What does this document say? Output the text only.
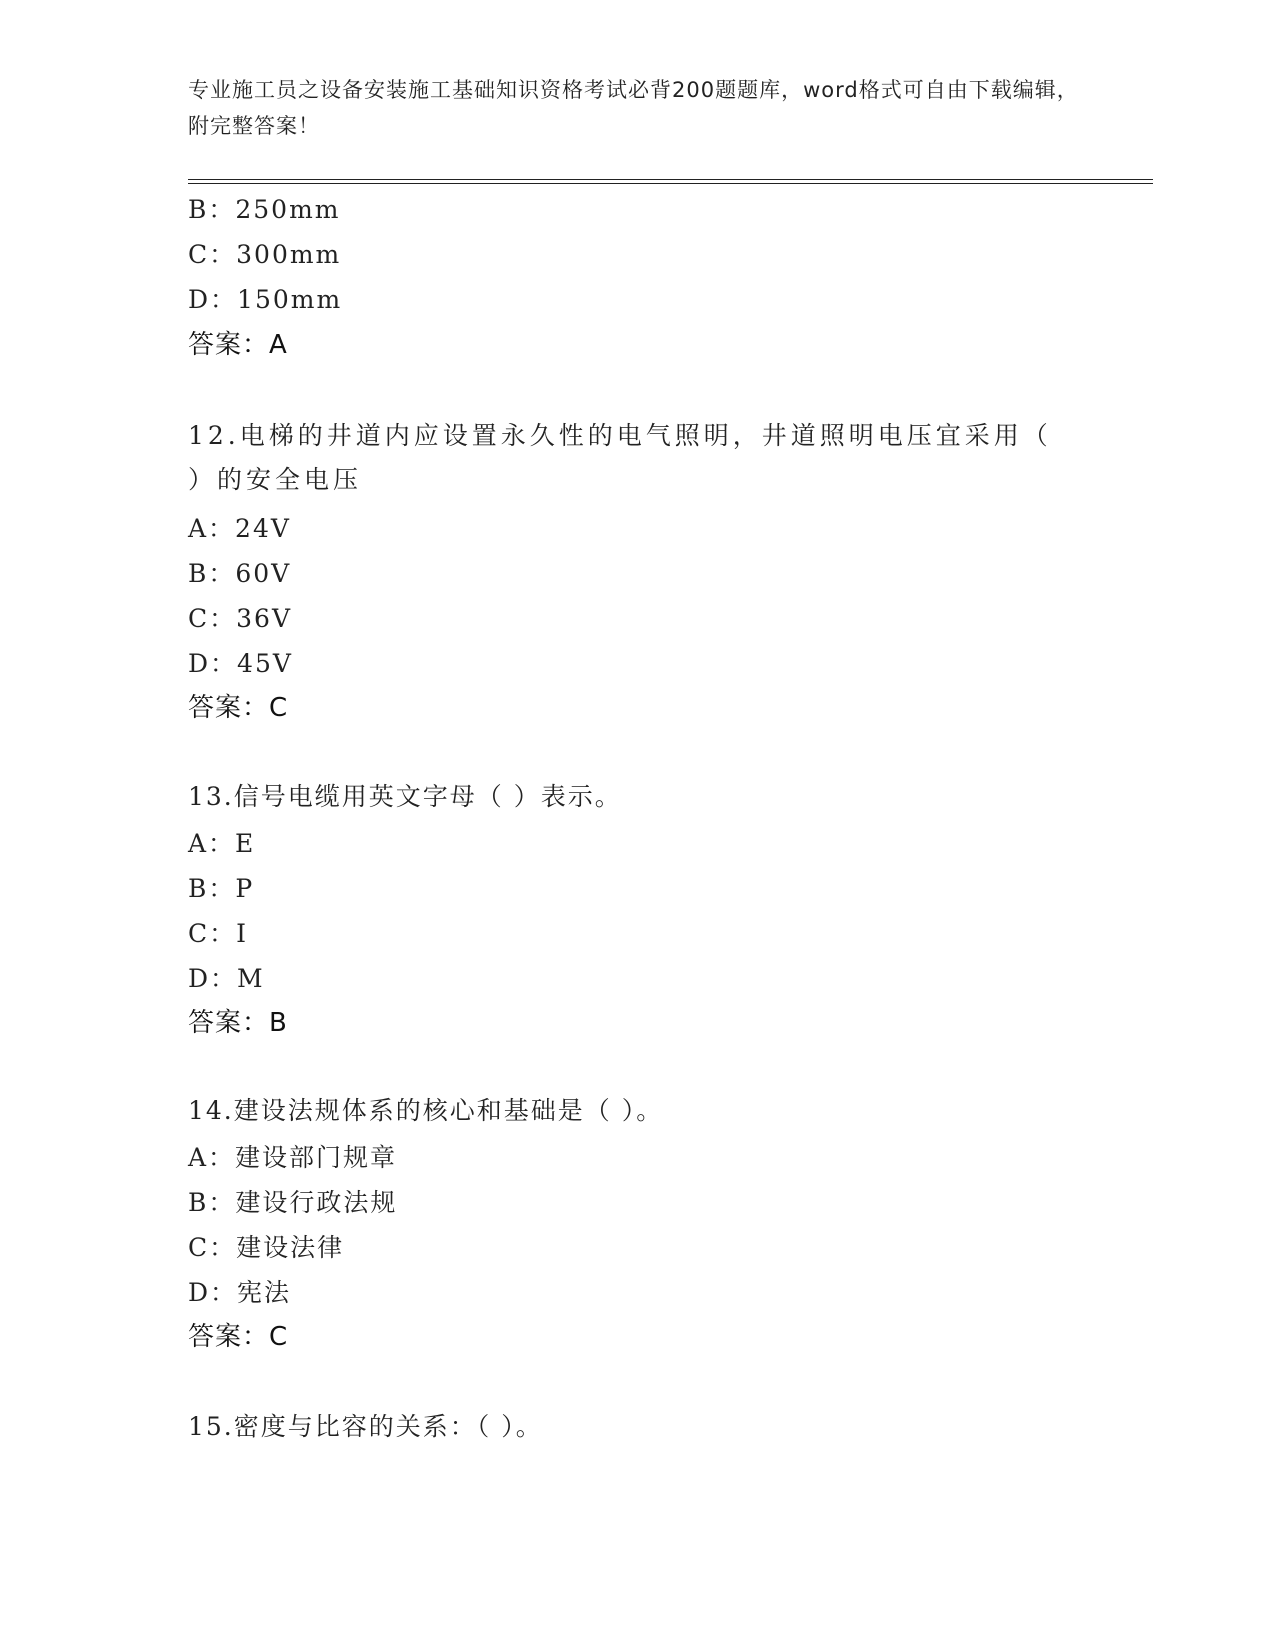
专业施工员之设备安装施工基础知识资格考试必背200题题库，word格式可自由下载编辑，附完整答案！
B：250mm
C：300mm
D：150mm
答案：A
12.电梯的井道内应设置永久性的电气照明，井道照明电压宜采用（ ）的安全电压
A：24V
B：60V
C：36V
D：45V
答案：C
13.信号电缆用英文字母（ ）表示。
A：E
B：P
C：I
D：M
答案：B
14.建设法规体系的核心和基础是（ ）。
A：建设部门规章
B：建设行政法规
C：建设法律
D：宪法
答案：C
15.密度与比容的关系：（ ）。
